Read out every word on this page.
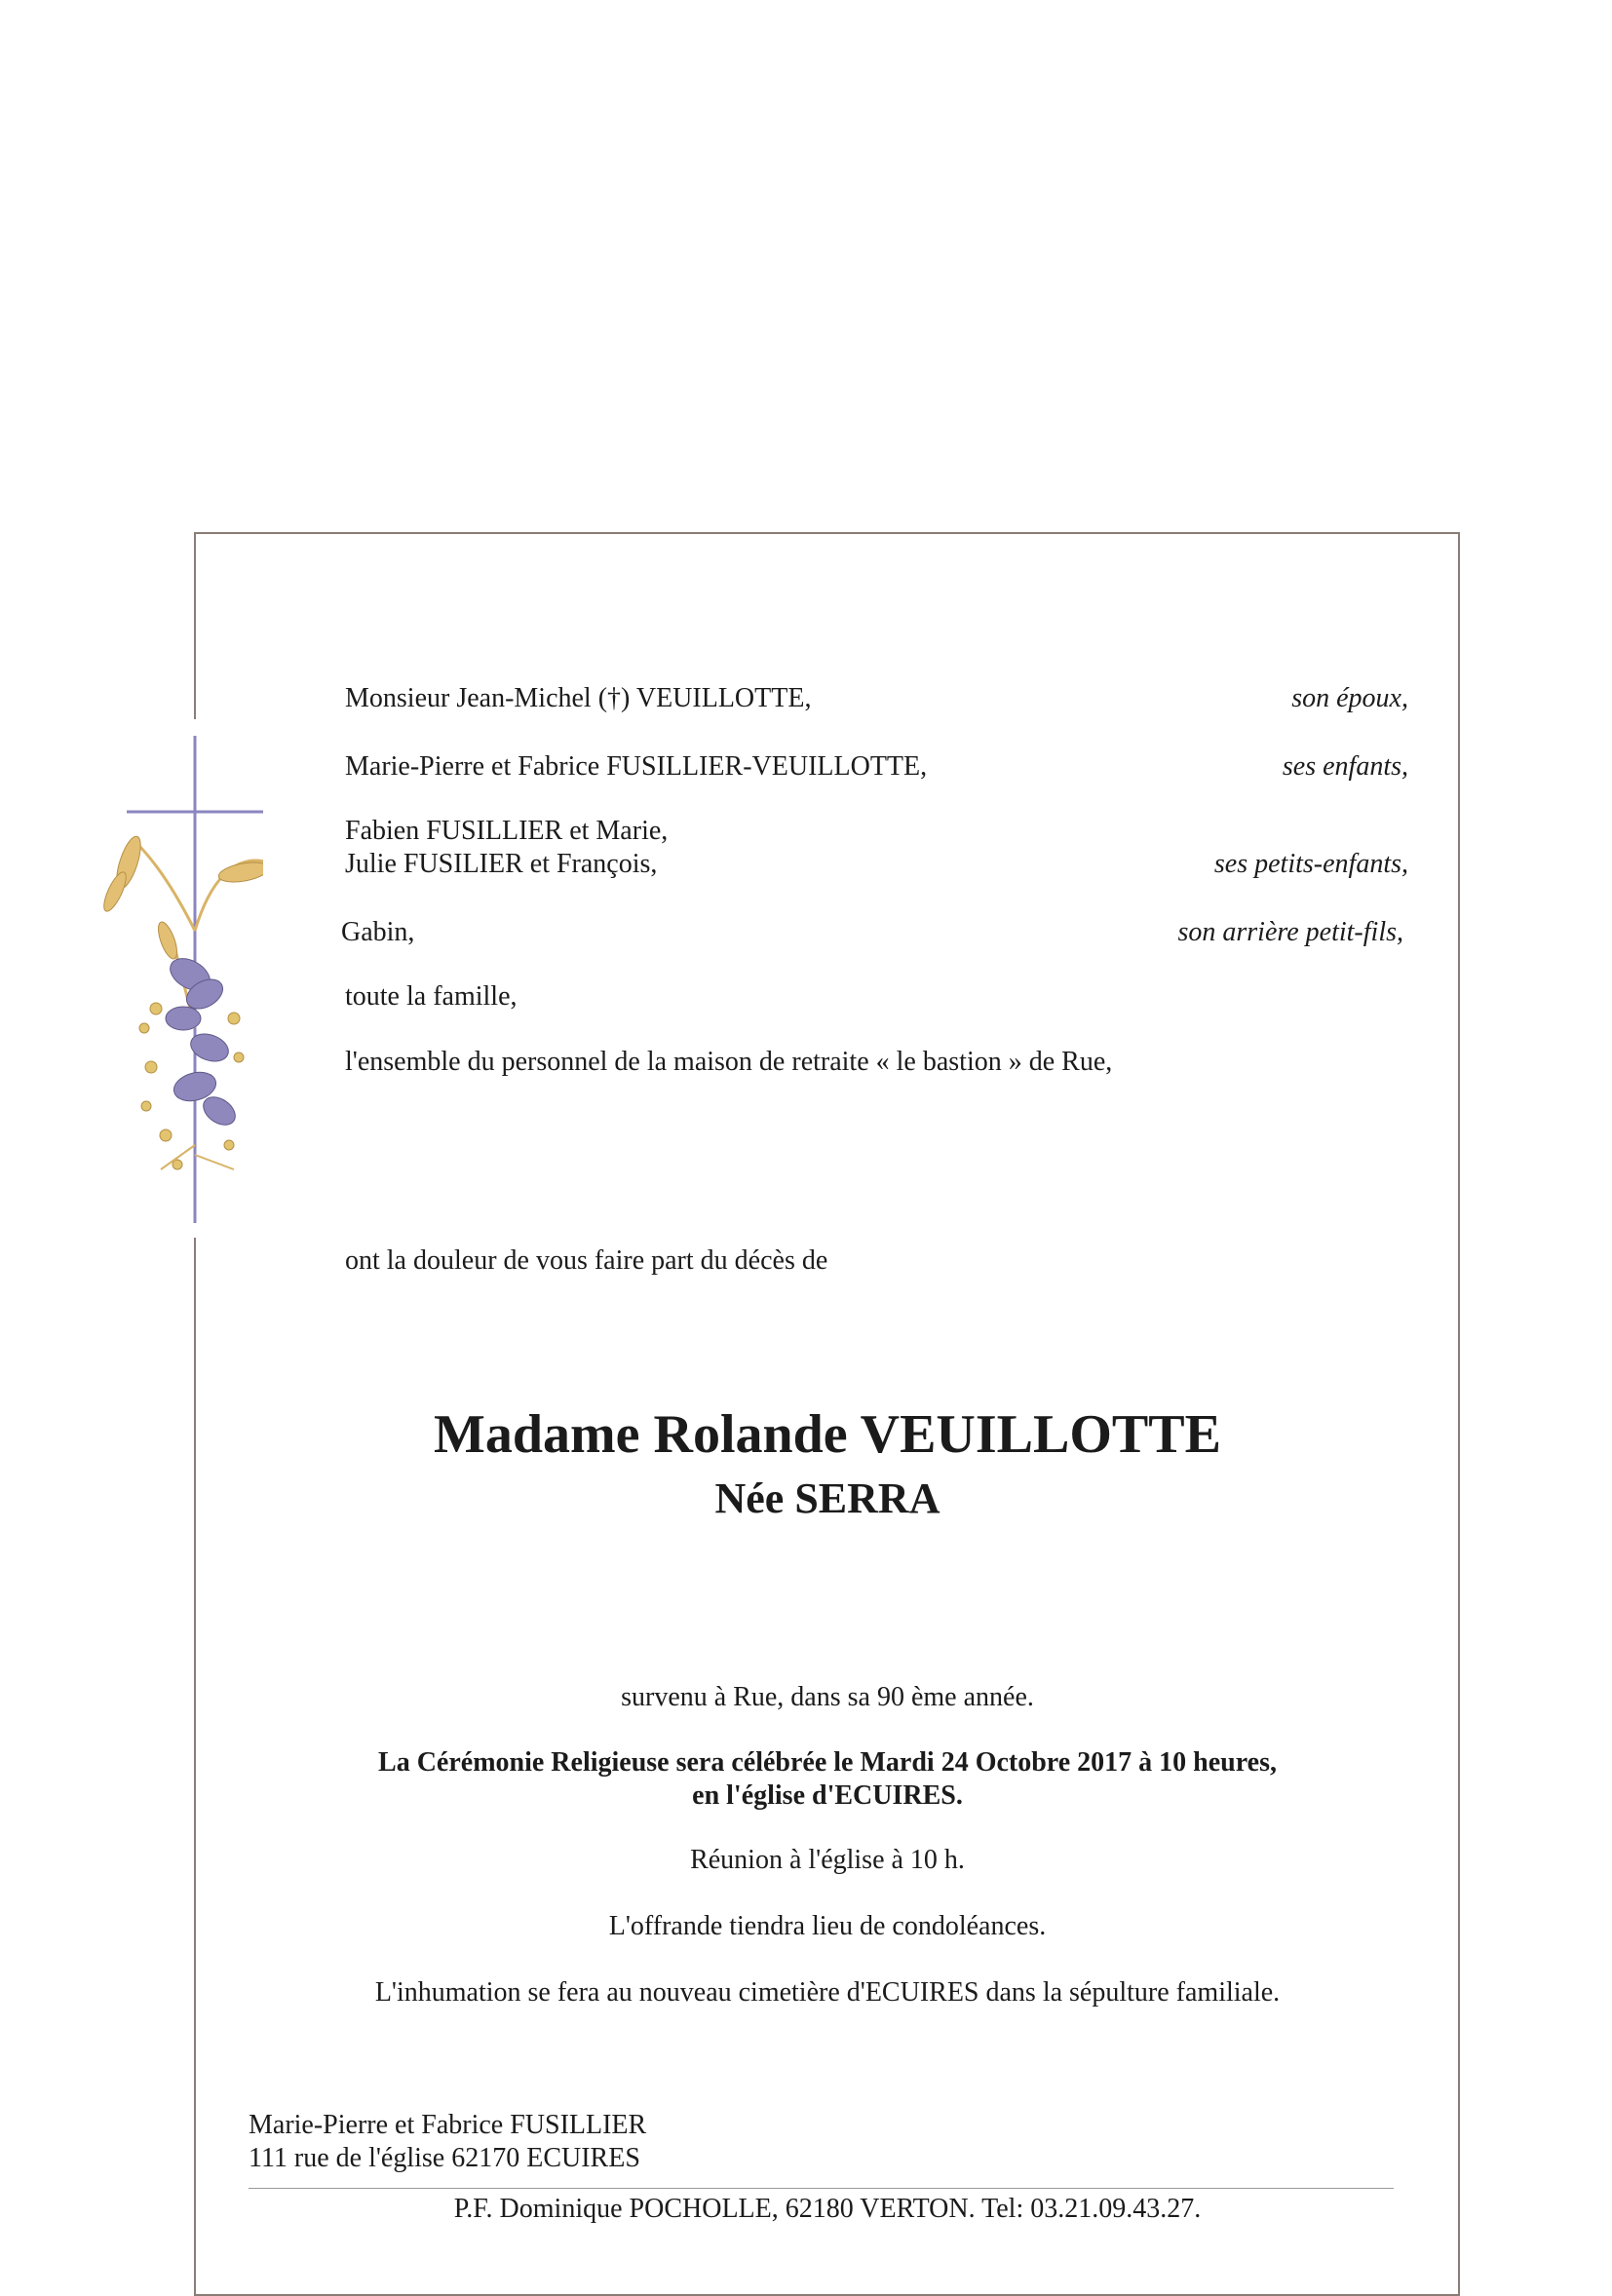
Monsieur Jean-Michel (†) VEUILLOTTE,	son époux,
Marie-Pierre et Fabrice FUSILLIER-VEUILLOTTE,	ses enfants,
Fabien FUSILLIER et Marie,
Julie FUSILIER et François,	ses petits-enfants,
Gabin,	son arrière petit-fils,
toute la famille,
l'ensemble du personnel de la maison de retraite « le bastion » de Rue,
ont la douleur de vous faire part du décès de
Madame Rolande VEUILLOTTE
Née SERRA
survenu à Rue, dans sa 90 ème année.
La Cérémonie Religieuse sera célébrée le Mardi 24 Octobre 2017 à 10 heures,
en l'église d'ECUIRES.
Réunion à l'église à 10 h.
L'offrande tiendra lieu de condoléances.
L'inhumation se fera au nouveau cimetière d'ECUIRES dans la sépulture familiale.
Marie-Pierre et Fabrice FUSILLIER
111 rue de l'église 62170 ECUIRES
P.F. Dominique POCHOLLE, 62180 VERTON. Tel: 03.21.09.43.27.
